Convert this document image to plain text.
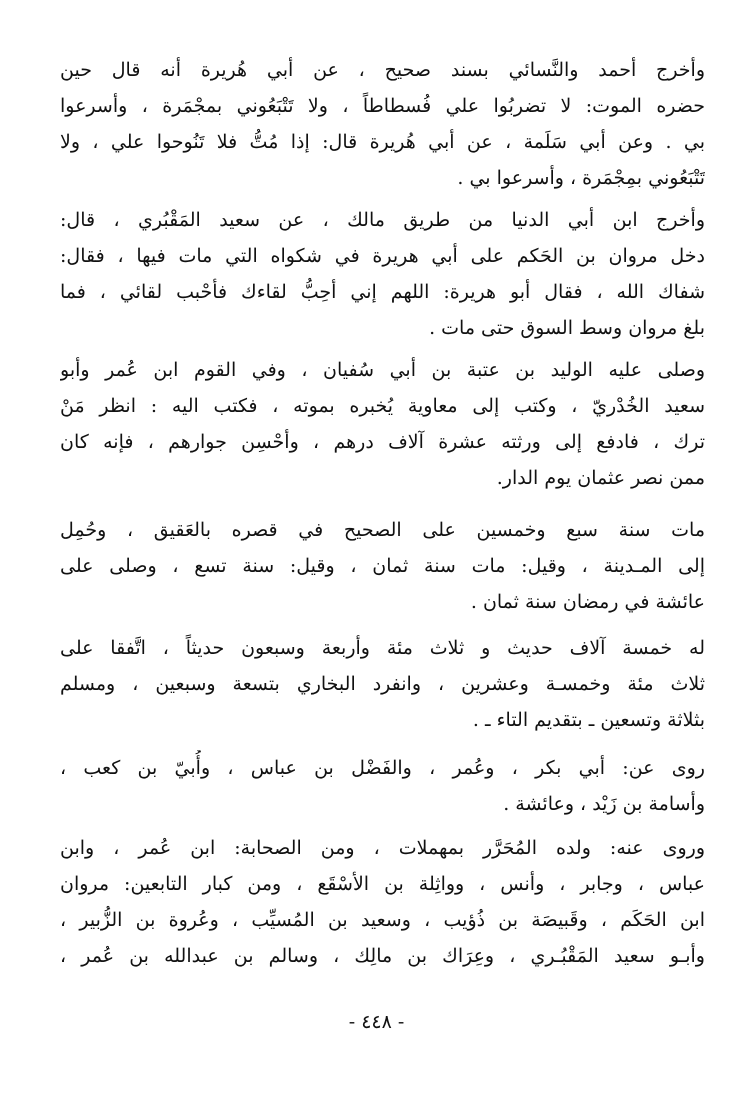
وأخرج أحمد والنَّسائي بسند صحيح ، عن أبي هُريرة أنه قال حين
حضره الموت: لا تضربُوا علي فُسطاطاً ، ولا تَتْبَعُوني بمجْمَرة ، وأسرعوا
بي . وعن أبي سَلَمة ، عن أبي هُريرة قال: إذا مُتُّ فلا تَنُوحوا علي ، ولا
تَتْبَعُوني بمِجْمَرة ، وأسرعوا بي .
وأخرج ابن أبي الدنيا من طريق مالك ، عن سعيد المَقْبُري ، قال:
دخل مروان بن الحَكم على أبي هريرة في شكواه التي مات فيها ، فقال:
شفاك الله ، فقال أبو هريرة: اللهم إني أحِبُّ لقاءك فأحْبب لقائي ، فما
بلغ مروان وسط السوق حتى مات .
وصلى عليه الوليد بن عتبة بن أبي سُفيان ، وفي القوم ابن عُمر وأبو
سعيد الخُدْريّ ، وكتب إلى معاوية يُخبره بموته ، فكتب اليه : انظر مَنْ
ترك ، فادفع إلى ورثته عشرة آلاف درهم ، وأحْسِن جوارهم ، فإنه كان
ممن نصر عثمان يوم الدار.
مات سنة سبع وخمسين على الصحيح في قصره بالعَقيق ، وحُمِل
إلى المـدينة ، وقيل: مات سنة ثمان ، وقيل: سنة تسع ، وصلى على
عائشة في رمضان سنة ثمان .
له خمسة آلاف حديث و ثلاث مئة وأربعة وسبعون حديثاً ، اتَّفقا على
ثلاث مئة وخمسـة وعشرين ، وانفرد البخاري بتسعة وسبعين ، ومسلم
بثلاثة وتسعين ـ بتقديم التاء ـ .
روى عن: أبي بكر ، وعُمر ، والفَضْل بن عباس ، وأُبيّ بن كعب ،
وأسامة بن زَيْد ، وعائشة .
وروى عنه: ولده المُحَرَّر بمهملات ، ومن الصحابة: ابن عُمر ، وابن
عباس ، وجابر ، وأنس ، وواثِلة بن الأسْقَع ، ومن كبار التابعين: مروان
ابن الحَكَم ، وقَبيصَة بن ذُؤيب ، وسعيد بن المُسيِّب ، وعُروة بن الزُّبير ،
وأبـو سعيد المَقْبُـري ، وعِرَاك بن مالِك ، وسالم بن عبدالله بن عُمر ،
- ٤٤٨ -
